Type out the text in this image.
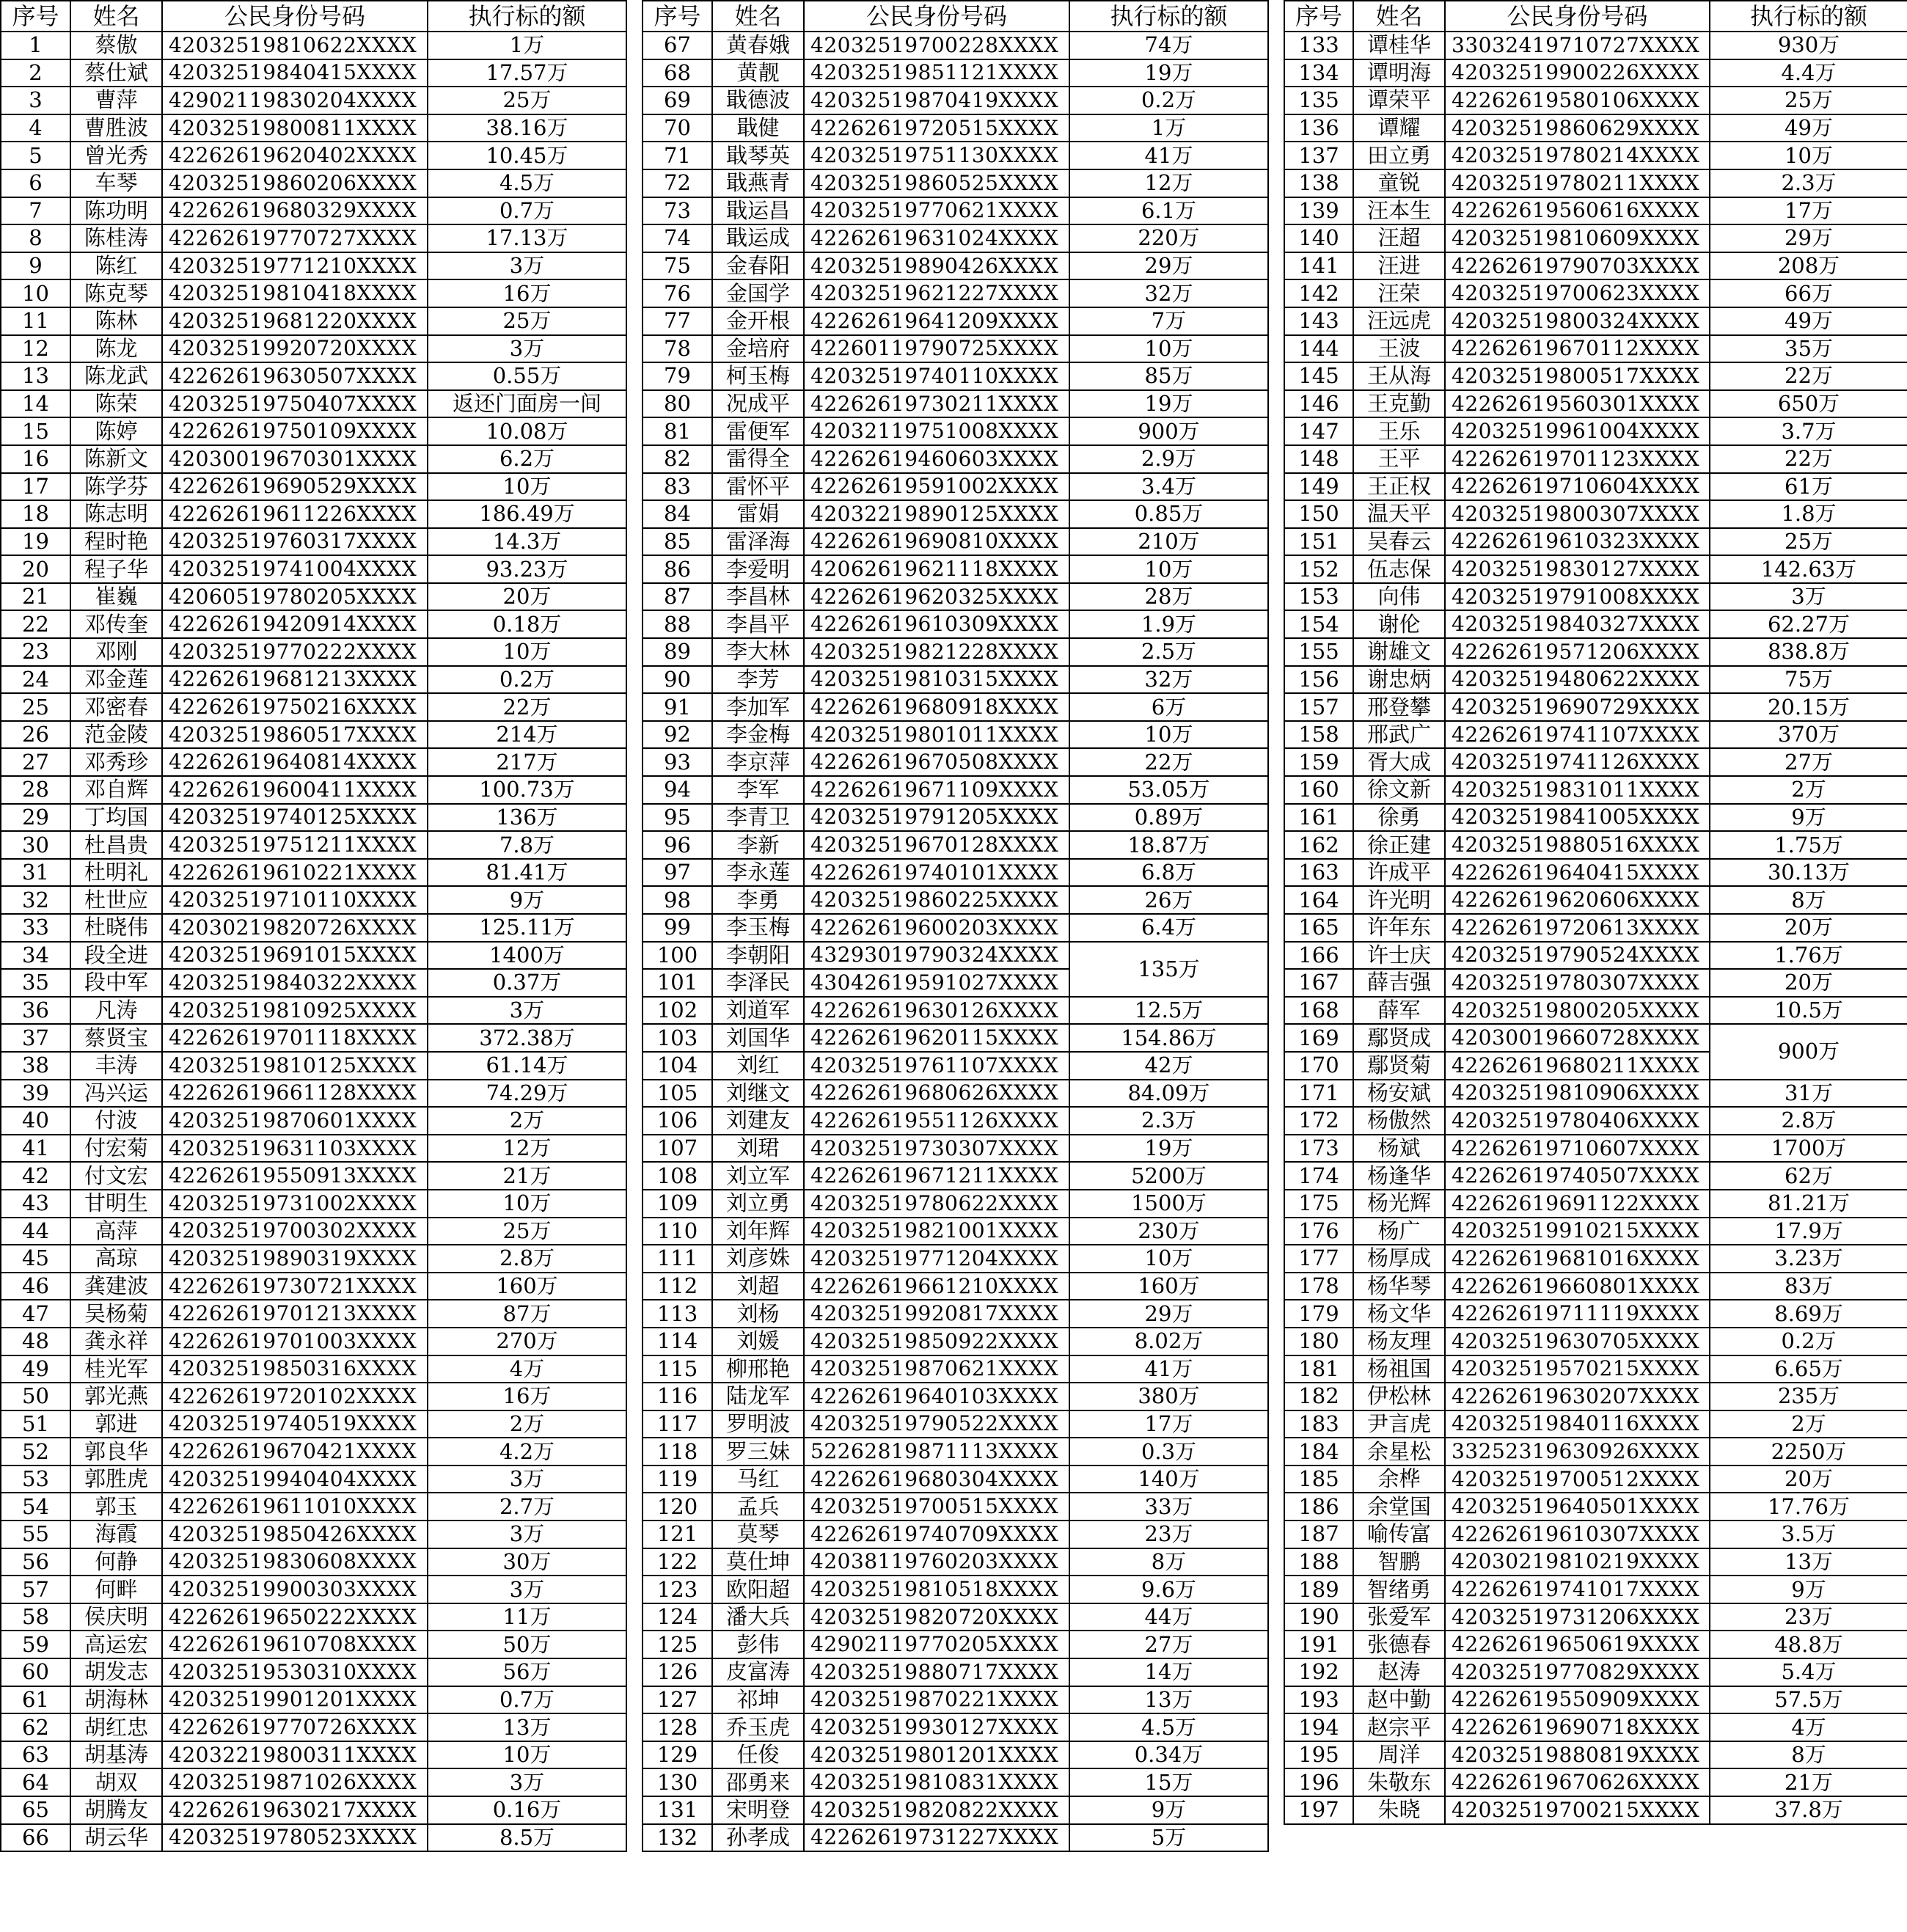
序号	姓名	公民身份号码	执行标的额
1	蔡傲	42032519810622XXXX	1万
2	蔡仕斌	42032519840415XXXX	17.57万
3	曹萍	42902119830204XXXX	25万
4	曹胜波	42032519800811XXXX	38.16万
5	曾光秀	42262619620402XXXX	10.45万
6	车琴	42032519860206XXXX	4.5万
7	陈功明	42262619680329XXXX	0.7万
8	陈桂涛	42262619770727XXXX	17.13万
9	陈红	42032519771210XXXX	3万
10	陈克琴	42032519810418XXXX	16万
11	陈林	42032519681220XXXX	25万
12	陈龙	42032519920720XXXX	3万
13	陈龙武	42262619630507XXXX	0.55万
14	陈荣	42032519750407XXXX	返还门面房一间
15	陈婷	42262619750109XXXX	10.08万
16	陈新文	42030019670301XXXX	6.2万
17	陈学芬	42262619690529XXXX	10万
18	陈志明	42262619611226XXXX	186.49万
19	程时艳	42032519760317XXXX	14.3万
20	程子华	42032519741004XXXX	93.23万
21	崔巍	42060519780205XXXX	20万
22	邓传奎	42262619420914XXXX	0.18万
23	邓刚	42032519770222XXXX	10万
24	邓金莲	42262619681213XXXX	0.2万
25	邓密春	42262619750216XXXX	22万
26	范金陵	42032519860517XXXX	214万
27	邓秀珍	42262619640814XXXX	217万
28	邓自辉	42262619600411XXXX	100.73万
29	丁均国	42032519740125XXXX	136万
30	杜昌贵	42032519751211XXXX	7.8万
31	杜明礼	42262619610221XXXX	81.41万
32	杜世应	42032519710110XXXX	9万
33	杜晓伟	42030219820726XXXX	125.11万
34	段全进	42032519691015XXXX	1400万
35	段中军	42032519840322XXXX	0.37万
36	凡涛	42032519810925XXXX	3万
37	蔡贤宝	42262619701118XXXX	372.38万
38	丰涛	42032519810125XXXX	61.14万
39	冯兴运	42262619661128XXXX	74.29万
40	付波	42032519870601XXXX	2万
41	付宏菊	42032519631103XXXX	12万
42	付文宏	42262619550913XXXX	21万
43	甘明生	42032519731002XXXX	10万
44	高萍	42032519700302XXXX	25万
45	高琼	42032519890319XXXX	2.8万
46	龚建波	42262619730721XXXX	160万
47	吴杨菊	42262619701213XXXX	87万
48	龚永祥	42262619701003XXXX	270万
49	桂光军	42032519850316XXXX	4万
50	郭光燕	42262619720102XXXX	16万
51	郭进	42032519740519XXXX	2万
52	郭良华	42262619670421XXXX	4.2万
53	郭胜虎	42032519940404XXXX	3万
54	郭玉	42262619611010XXXX	2.7万
55	海霞	42032519850426XXXX	3万
56	何静	42032519830608XXXX	30万
57	何畔	42032519900303XXXX	3万
58	侯庆明	42262619650222XXXX	11万
59	高运宏	42262619610708XXXX	50万
60	胡发志	42032519530310XXXX	56万
61	胡海林	42032519901201XXXX	0.7万
62	胡红忠	42262619770726XXXX	13万
63	胡基涛	42032219800311XXXX	10万
64	胡双	42032519871026XXXX	3万
65	胡腾友	42262619630217XXXX	0.16万
66	胡云华	42032519780523XXXX	8.5万
序号	姓名	公民身份号码	执行标的额
67	黄春娥	42032519700228XXXX	74万
68	黄靓	42032519851121XXXX	19万
69	戢德波	42032519870419XXXX	0.2万
70	戢健	42262619720515XXXX	1万
71	戢琴英	42032519751130XXXX	41万
72	戢燕青	42032519860525XXXX	12万
73	戢运昌	42032519770621XXXX	6.1万
74	戢运成	42262619631024XXXX	220万
75	金春阳	42032519890426XXXX	29万
76	金国学	42032519621227XXXX	32万
77	金开根	42262619641209XXXX	7万
78	金培府	42260119790725XXXX	10万
79	柯玉梅	42032519740110XXXX	85万
80	况成平	42262619730211XXXX	19万
81	雷便军	42032119751008XXXX	900万
82	雷得全	42262619460603XXXX	2.9万
83	雷怀平	42262619591002XXXX	3.4万
84	雷娟	42032219890125XXXX	0.85万
85	雷泽海	42262619690810XXXX	210万
86	李爱明	42062619621118XXXX	10万
87	李昌林	42262619620325XXXX	28万
88	李昌平	42262619610309XXXX	1.9万
89	李大林	42032519821228XXXX	2.5万
90	李芳	42032519810315XXXX	32万
91	李加军	42262619680918XXXX	6万
92	李金梅	42032519801011XXXX	10万
93	李京萍	42262619670508XXXX	22万
94	李军	42262619671109XXXX	53.05万
95	李青卫	42032519791205XXXX	0.89万
96	李新	42032519670128XXXX	18.87万
97	李永莲	42262619740101XXXX	6.8万
98	李勇	42032519860225XXXX	26万
99	李玉梅	42262619600203XXXX	6.4万
100	李朝阳	43293019790324XXXX	135万
101	李泽民	43042619591027XXXX	
102	刘道军	42262619630126XXXX	12.5万
103	刘国华	42262619620115XXXX	154.86万
104	刘红	42032519761107XXXX	42万
105	刘继文	42262619680626XXXX	84.09万
106	刘建友	42262619551126XXXX	2.3万
107	刘珺	42032519730307XXXX	19万
108	刘立军	42262619671211XXXX	5200万
109	刘立勇	42032519780622XXXX	1500万
110	刘年辉	42032519821001XXXX	230万
111	刘彦姝	42032519771204XXXX	10万
112	刘超	42262619661210XXXX	160万
113	刘杨	42032519920817XXXX	29万
114	刘媛	42032519850922XXXX	8.02万
115	柳邢艳	42032519870621XXXX	41万
116	陆龙军	42262619640103XXXX	380万
117	罗明波	42032519790522XXXX	17万
118	罗三妹	52262819871113XXXX	0.3万
119	马红	42262619680304XXXX	140万
120	孟兵	42032519700515XXXX	33万
121	莫琴	42262619740709XXXX	23万
122	莫仕坤	42038119760203XXXX	8万
123	欧阳超	42032519810518XXXX	9.6万
124	潘大兵	42032519820720XXXX	44万
125	彭伟	42902119770205XXXX	27万
126	皮富涛	42032519880717XXXX	14万
127	祁坤	42032519870221XXXX	13万
128	乔玉虎	42032519930127XXXX	4.5万
129	任俊	42032519801201XXXX	0.34万
130	邵勇来	42032519810831XXXX	15万
131	宋明登	42032519820822XXXX	9万
132	孙孝成	42262619731227XXXX	5万
序号	姓名	公民身份号码	执行标的额
133	谭桂华	33032419710727XXXX	930万
134	谭明海	42032519900226XXXX	4.4万
135	谭荣平	42262619580106XXXX	25万
136	谭耀	42032519860629XXXX	49万
137	田立勇	42032519780214XXXX	10万
138	童锐	42032519780211XXXX	2.3万
139	汪本生	42262619560616XXXX	17万
140	汪超	42032519810609XXXX	29万
141	汪进	42262619790703XXXX	208万
142	汪荣	42032519700623XXXX	66万
143	汪远虎	42032519800324XXXX	49万
144	王波	42262619670112XXXX	35万
145	王从海	42032519800517XXXX	22万
146	王克勤	42262619560301XXXX	650万
147	王乐	42032519961004XXXX	3.7万
148	王平	42262619701123XXXX	22万
149	王正权	42262619710604XXXX	61万
150	温天平	42032519800307XXXX	1.8万
151	吴春云	42262619610323XXXX	25万
152	伍志保	42032519830127XXXX	142.63万
153	向伟	42032519791008XXXX	3万
154	谢伦	42032519840327XXXX	62.27万
155	谢雄文	42262619571206XXXX	838.8万
156	谢忠炳	42032519480622XXXX	75万
157	邢登攀	42032519690729XXXX	20.15万
158	邢武广	42262619741107XXXX	370万
159	胥大成	42032519741126XXXX	27万
160	徐文新	42032519831011XXXX	2万
161	徐勇	42032519841005XXXX	9万
162	徐正建	42032519880516XXXX	1.75万
163	许成平	42262619640415XXXX	30.13万
164	许光明	42262619620606XXXX	8万
165	许年东	42262619720613XXXX	20万
166	许士庆	42032519790524XXXX	1.76万
167	薛吉强	42032519780307XXXX	20万
168	薛军	42032519800205XXXX	10.5万
169	鄢贤成	42030019660728XXXX	900万
170	鄢贤菊	42262619680211XXXX	
171	杨安斌	42032519810906XXXX	31万
172	杨傲然	42032519780406XXXX	2.8万
173	杨斌	42262619710607XXXX	1700万
174	杨逢华	42262619740507XXXX	62万
175	杨光辉	42262619691122XXXX	81.21万
176	杨广	42032519910215XXXX	17.9万
177	杨厚成	42262619681016XXXX	3.23万
178	杨华琴	42262619660801XXXX	83万
179	杨文华	42262619711119XXXX	8.69万
180	杨友理	42032519630705XXXX	0.2万
181	杨祖国	42032519570215XXXX	6.65万
182	伊松林	42262619630207XXXX	235万
183	尹言虎	42032519840116XXXX	2万
184	余星松	33252319630926XXXX	2250万
185	余桦	42032519700512XXXX	20万
186	余堂国	42032519640501XXXX	17.76万
187	喻传富	42262619610307XXXX	3.5万
188	智鹏	42030219810219XXXX	13万
189	智绪勇	42262619741017XXXX	9万
190	张爱军	42032519731206XXXX	23万
191	张德春	42262619650619XXXX	48.8万
192	赵涛	42032519770829XXXX	5.4万
193	赵中勤	42262619550909XXXX	57.5万
194	赵宗平	42262619690718XXXX	4万
195	周洋	42032519880819XXXX	8万
196	朱敬东	42262619670626XXXX	21万
197	朱晓	42032519700215XXXX	37.8万
